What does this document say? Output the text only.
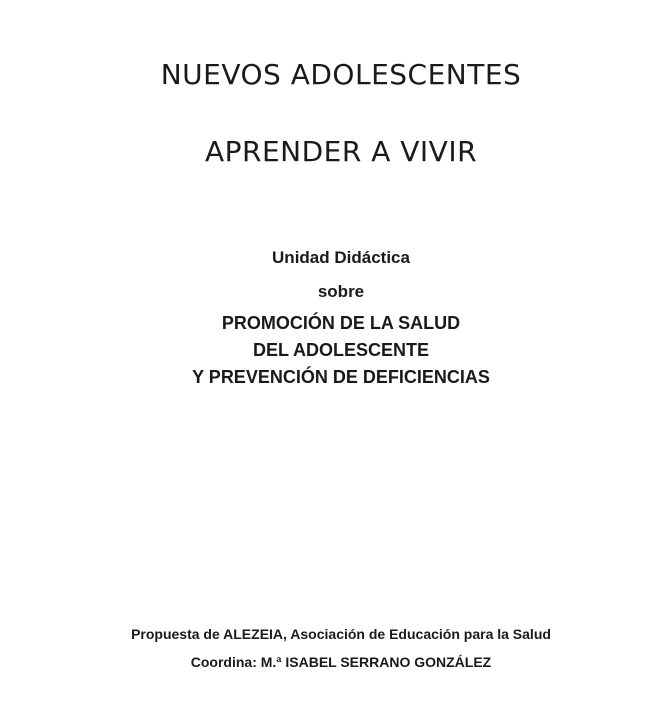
NUEVOS ADOLESCENTES
APRENDER A VIVIR

Unidad Didáctica

sobre

PROMOCIÓN DE LA SALUD

DEL ADOLESCENTE

Y PREVENCIÓN DE DEFICIENCIAS

Propuesta de ALEZEIA, Asociación de Educación para la Salud

Coordina: M.ª ISABEL SERRANO GONZÁLEZ
